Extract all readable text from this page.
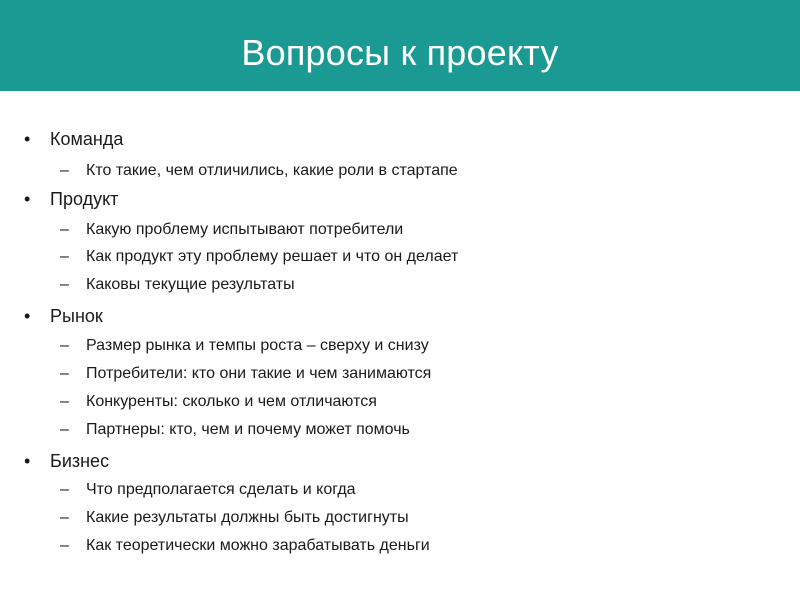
Вопросы к проекту
• Команда
– Кто такие, чем отличились, какие роли в стартапе
• Продукт
– Какую проблему испытывают потребители
– Как продукт эту проблему решает и что он делает
– Каковы текущие результаты
• Рынок
– Размер рынка и темпы роста – сверху и снизу
– Потребители: кто они такие и чем занимаются
– Конкуренты: сколько и чем отличаются
– Партнеры: кто, чем и почему может помочь
• Бизнес
– Что предполагается сделать и когда
– Какие результаты должны быть достигнуты
– Как теоретически можно зарабатывать деньги
